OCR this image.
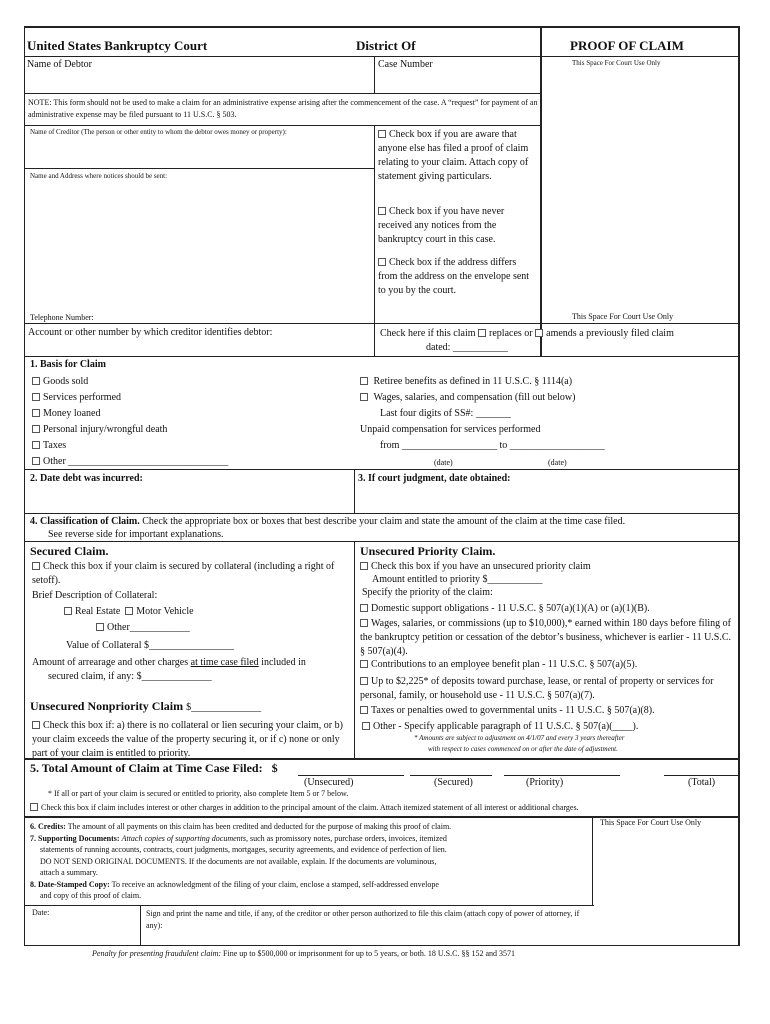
United States Bankruptcy Court	District Of	PROOF OF CLAIM
Name of Debtor	Case Number	This Space For Court Use Only
NOTE: This form should not be used to make a claim for an administrative expense arising after the commencement of the case. A “request” for payment of an administrative expense may be filed pursuant to 11 U.S.C. § 503.
Name of Creditor (The person or other entity to whom the debtor owes money or property):
Name and Address where notices should be sent:
Telephone Number:
Check box if you are aware that anyone else has filed a proof of claim relating to your claim. Attach copy of statement giving particulars.
Check box if you have never received any notices from the bankruptcy court in this case.
Check box if the address differs from the address on the envelope sent to you by the court.
This Space For Court Use Only
Account or other number by which creditor identifies debtor:	Check here if this claim replaces or amends a previously filed claim
dated: ___________
1. Basis for Claim
Goods sold
Services performed
Money loaned
Personal injury/wrongful death
Taxes
Other ________________________________
Retiree benefits as defined in 11 U.S.C. § 1114(a)
Wages, salaries, and compensation (fill out below)
Last four digits of SS#: _______
Unpaid compensation for services performed
from ___________________ to ___________________
(date)	(date)
2. Date debt was incurred:	3. If court judgment, date obtained:
4. Classification of Claim. Check the appropriate box or boxes that best describe your claim and state the amount of the claim at the time case filed.
See reverse side for important explanations.
Secured Claim.
Check this box if your claim is secured by collateral (including a right of setoff).
Brief Description of Collateral:
Real Estate Motor Vehicle
Other____________
Value of Collateral $_________________
Amount of arrearage and other charges at time case filed included in
secured claim, if any: $______________
Unsecured Nonpriority Claim $______________
Check this box if: a) there is no collateral or lien securing your claim, or b) your claim exceeds the value of the property securing it, or if c) none or only part of your claim is entitled to priority.
Unsecured Priority Claim.
Check this box if you have an unsecured priority claim
Amount entitled to priority $___________
Specify the priority of the claim:
Domestic support obligations - 11 U.S.C. § 507(a)(1)(A) or (a)(1)(B).
Wages, salaries, or commissions (up to $10,000),* earned within 180 days before filing of the bankruptcy petition or cessation of the debtor’s business, whichever is earlier - 11 U.S.C. § 507(a)(4).
Contributions to an employee benefit plan - 11 U.S.C. § 507(a)(5).
Up to $2,225* of deposits toward purchase, lease, or rental of property or services for personal, family, or household use - 11 U.S.C. § 507(a)(7).
Taxes or penalties owed to governmental units - 11 U.S.C. § 507(a)(8).
Other - Specify applicable paragraph of 11 U.S.C. § 507(a)(____).
* Amounts are subject to adjustment on 4/1/07 and every 3 years thereafter
with respect to cases commenced on or after the date of adjustment.
5. Total Amount of Claim at Time Case Filed: $
(Unsecured)	(Secured)	(Priority)	(Total)
* If all or part of your claim is secured or entitled to priority, also complete Item 5 or 7 below.
Check this box if claim includes interest or other charges in addition to the principal amount of the claim. Attach itemized statement of all interest or additional charges.
6. Credits: The amount of all payments on this claim has been credited and deducted for the purpose of making this proof of claim.
7. Supporting Documents: Attach copies of supporting documents, such as promissory notes, purchase orders, invoices, itemized
statements of running accounts, contracts, court judgments, mortgages, security agreements, and evidence of perfection of lien.
DO NOT SEND ORIGINAL DOCUMENTS. If the documents are not available, explain. If the documents are voluminous,
attach a summary.
8. Date-Stamped Copy: To receive an acknowledgment of the filing of your claim, enclose a stamped, self-addressed envelope
and copy of this proof of claim.
This Space For Court Use Only
Date:	Sign and print the name and title, if any, of the creditor or other person authorized to file this claim (attach copy of power of attorney, if any):
Penalty for presenting fraudulent claim: Fine up to $500,000 or imprisonment for up to 5 years, or both. 18 U.S.C. §§ 152 and 3571
